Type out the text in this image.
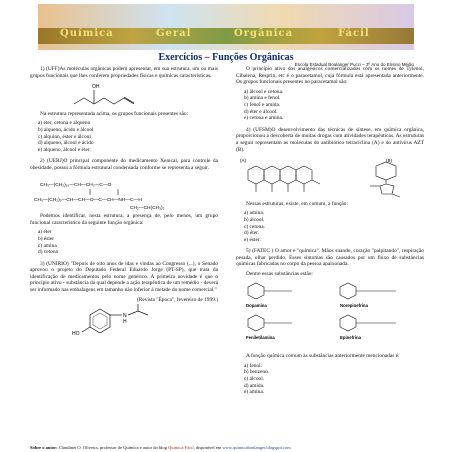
Química	Geral	Orgânica	Fácil
Exercícios – Funções Orgânicas
Escola Estadual Boulanger Pucci – 3º Ano do Ensino Médio

1) (UFF)As moléculas orgânicas podem apresentar, em sua estrutura, um ou mais grupos funcionais que lhes conferem propriedades físicas e químicas características.

OH

Na estrutura representada acima, os grupos funcionais presentes são:

a) éter, cetona e alqueno
b) alqueno, ácido e álcool
c) alquino, éster e álcool
d) alqueno, álcool e ácido
e) alqueno, álcool e éter

2) (UERJ)O principal componente do medicamento Xenical, para controle da obesidade, possui a fórmula estrutural condensada conforme se representa a seguir.

CH₃—(CH₂)₁₀—CH—CH₂—C—O
CH₃—(CH₂)₅—CH—CH—O—C—CH—NH—C—H
CH₂—CH(CH₃)₂

Podemos identificar, nesta estrutura, a presença de, pelo menos, um grupo funcional característico da seguinte função orgânica:

a) éter
b) éster
c) amina
d) cetona

3) (UNIRIO) "Depois de oito anos de idas e vindas ao Congresso (...), o Senado aprovou o projeto do Deputado Federal Eduardo Jorge (PT-SP), que trata da identificação de medicamentos pelo nome genérico. A primeira novidade é que o princípio ativo - substância da qual depende a ação terapêutica de um remédio - deverá ser informado nas embalagens em tamanho não inferior à metade do nome comercial."

(Revista "Época", fevereiro de 1999.)
HO
N
H

O princípio ativo dos analgésicos comercializados com os nomes de Tylenol, Cibalena, Resprin, etc é o paracetamol, cuja fórmula está apresentada anteriormente. Os grupos funcionais presentes no paracetamol são:

a) álcool e cetona.
b) amina e fenol.
c) fenol e amida.
d) éter e álcool.
e) cetona e amina.

4) (UFSM)O desenvolvimento das técnicas de síntese, em química orgânica, proporcionou a descoberta de muitas drogas com atividades terapêuticas. As estruturas a seguir representam as moléculas do antibiótico tetraciclina (A) e do antivírus AZT (B).

(A)	(B)

Nessas estruturas, existe, em comum, a função:

a) amina.
b) álcool.
c) cetona.
d) éter.
e) éster.

5) (FATEC ) O amor e "química". Mãos suando, coração "palpitando", respiração pesada, olhar perdido. Esses sintomas são causados por um fluxo de substâncias químicas fabricadas no corpo da pessoa apaixonada.

Dentre essas substâncias estão:

Dopamina	Norepinefrina
Feniletilamina	Epinefrina

A função química comum às substâncias anteriormente mencionadas é:

a) fenol.
b) benzeno.
c) álcool.
d) amida.
e) amina.
Sobre o autor: Claudinei O. Oliveira, professor de Química e autor do blog Química Fácil, disponível em www.quimicaboulanger.blogspot.com
